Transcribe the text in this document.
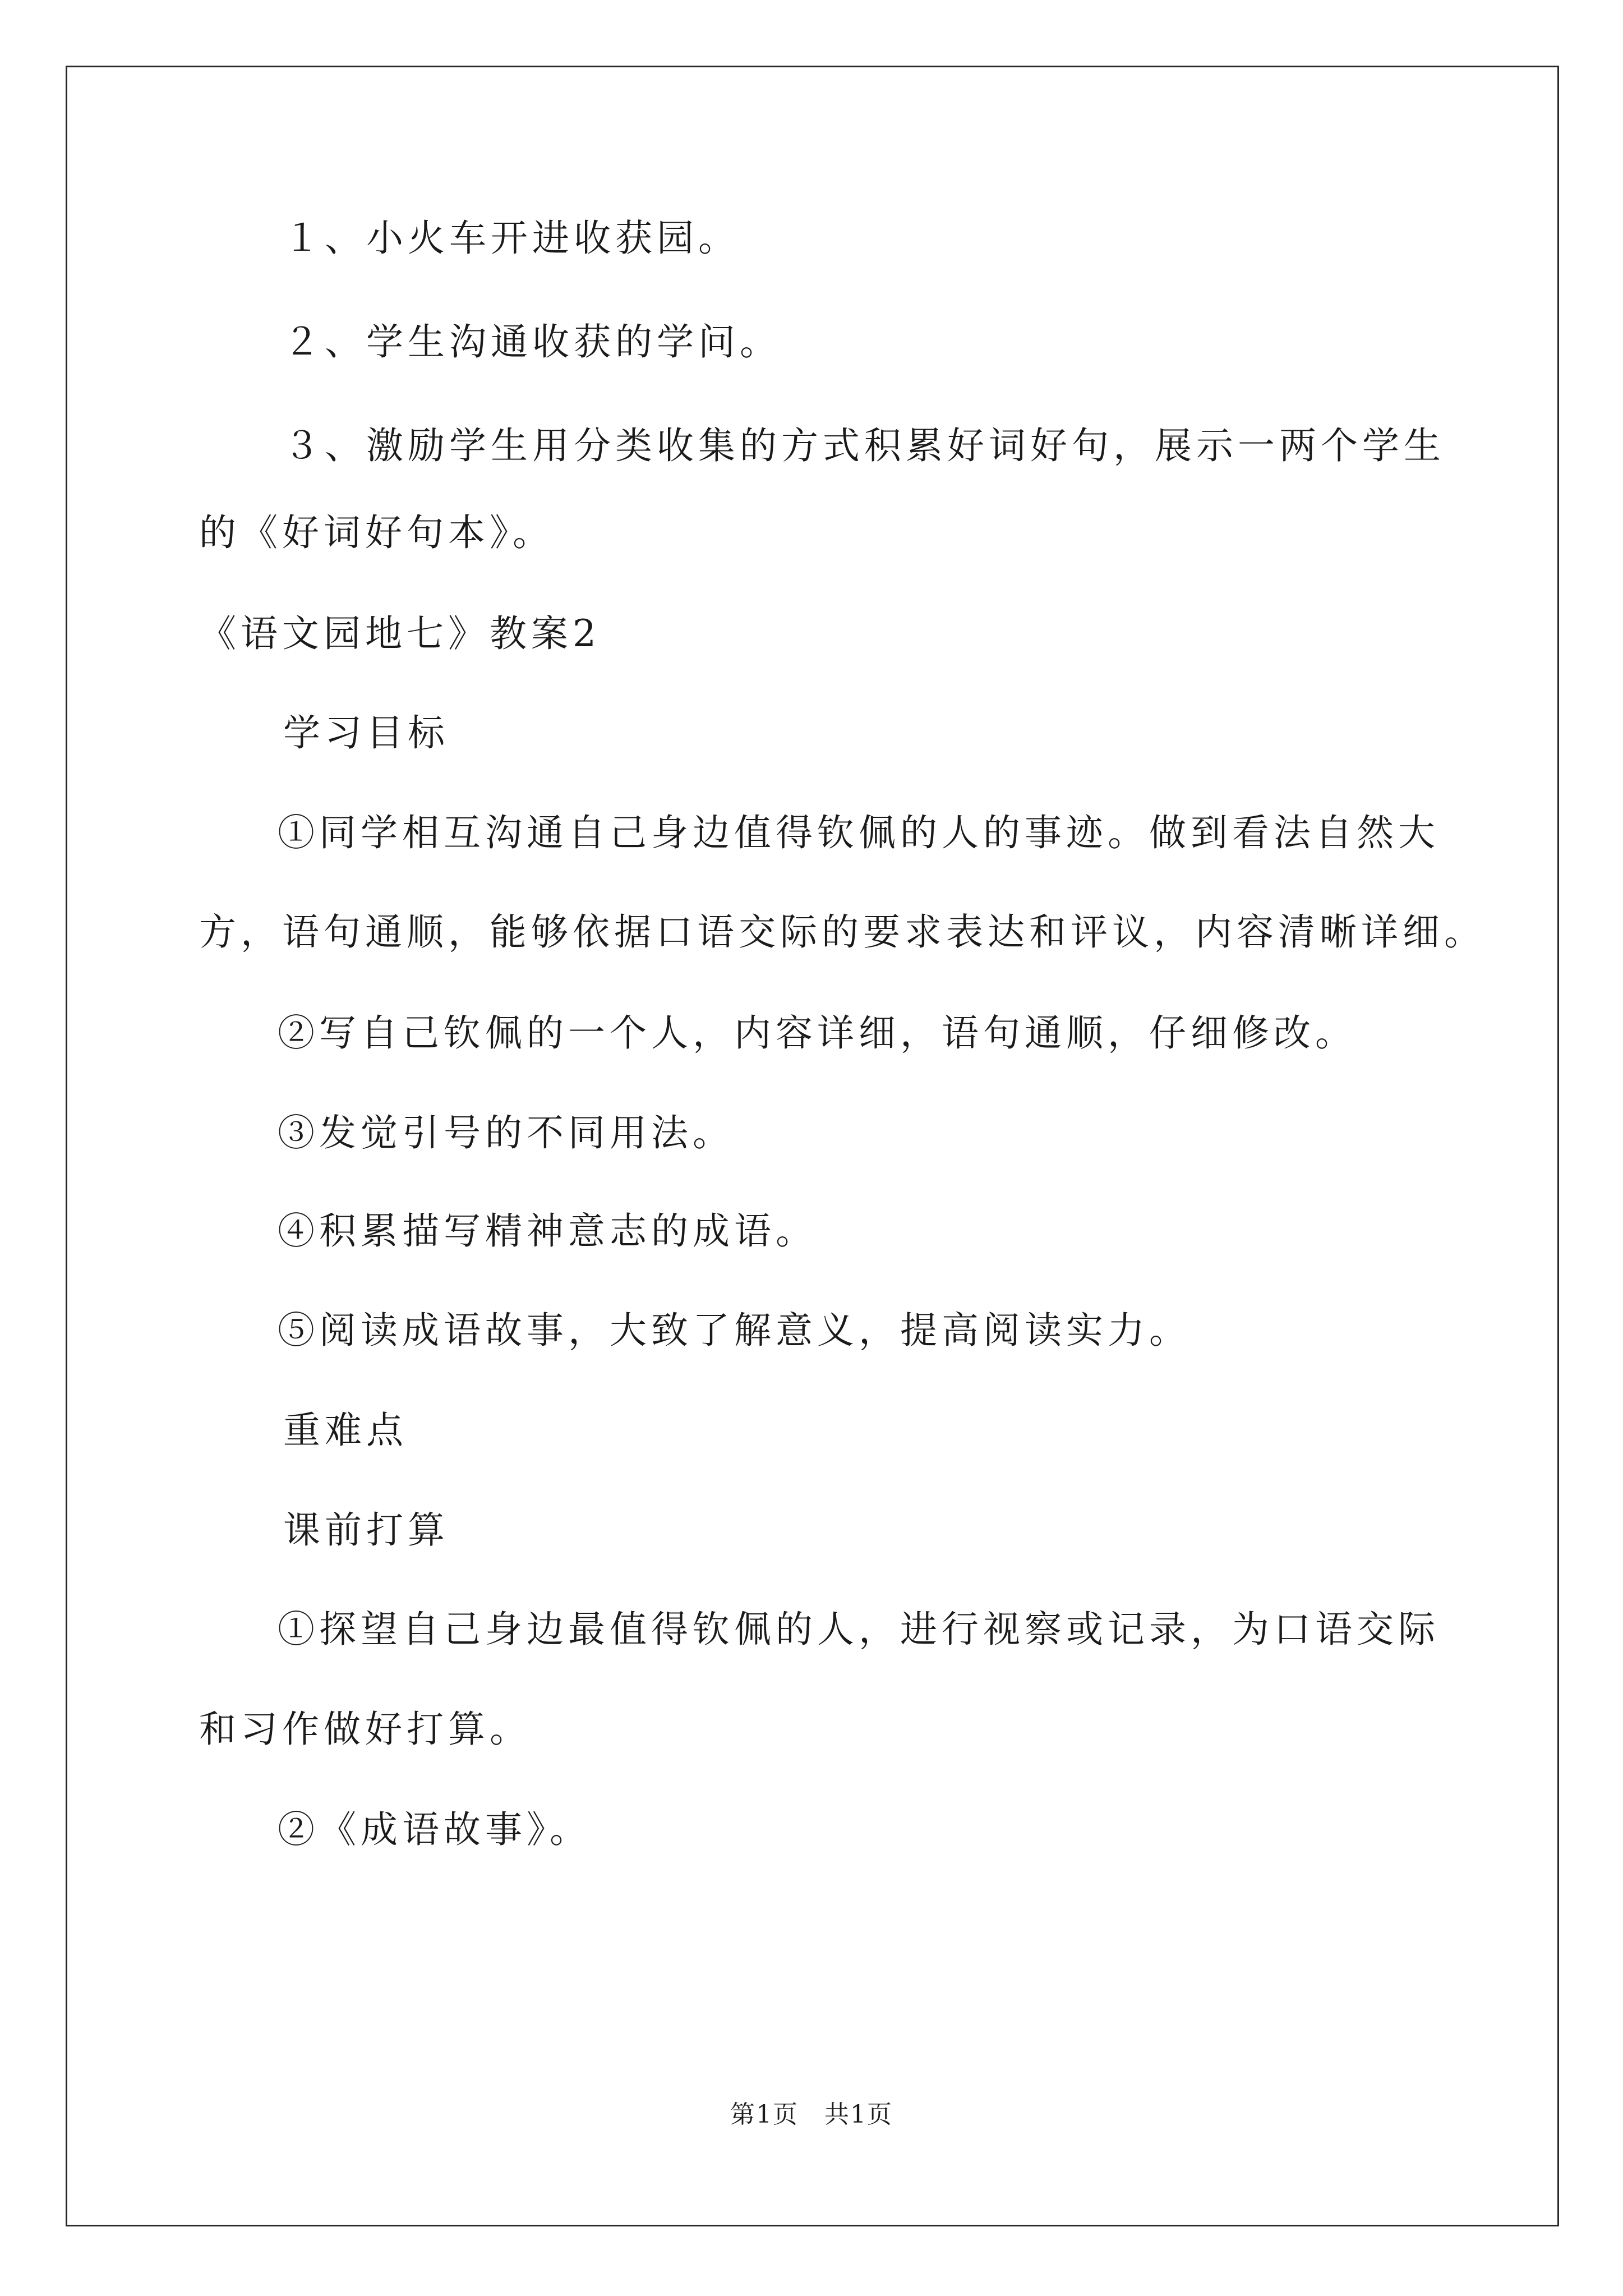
１、小火车开进收获园。
２、学生沟通收获的学问。
３、激励学生用分类收集的方式积累好词好句，展示一两个学生
的《好词好句本》。
《语文园地七》教案2
学习目标
①同学相互沟通自己身边值得钦佩的人的事迹。做到看法自然大
方，语句通顺，能够依据口语交际的要求表达和评议，内容清晰详细。
②写自己钦佩的一个人，内容详细，语句通顺，仔细修改。
③发觉引号的不同用法。
④积累描写精神意志的成语。
⑤阅读成语故事，大致了解意义，提高阅读实力。
重难点
课前打算
①探望自己身边最值得钦佩的人，进行视察或记录，为口语交际
和习作做好打算。
②《成语故事》。
第1页　共1页
